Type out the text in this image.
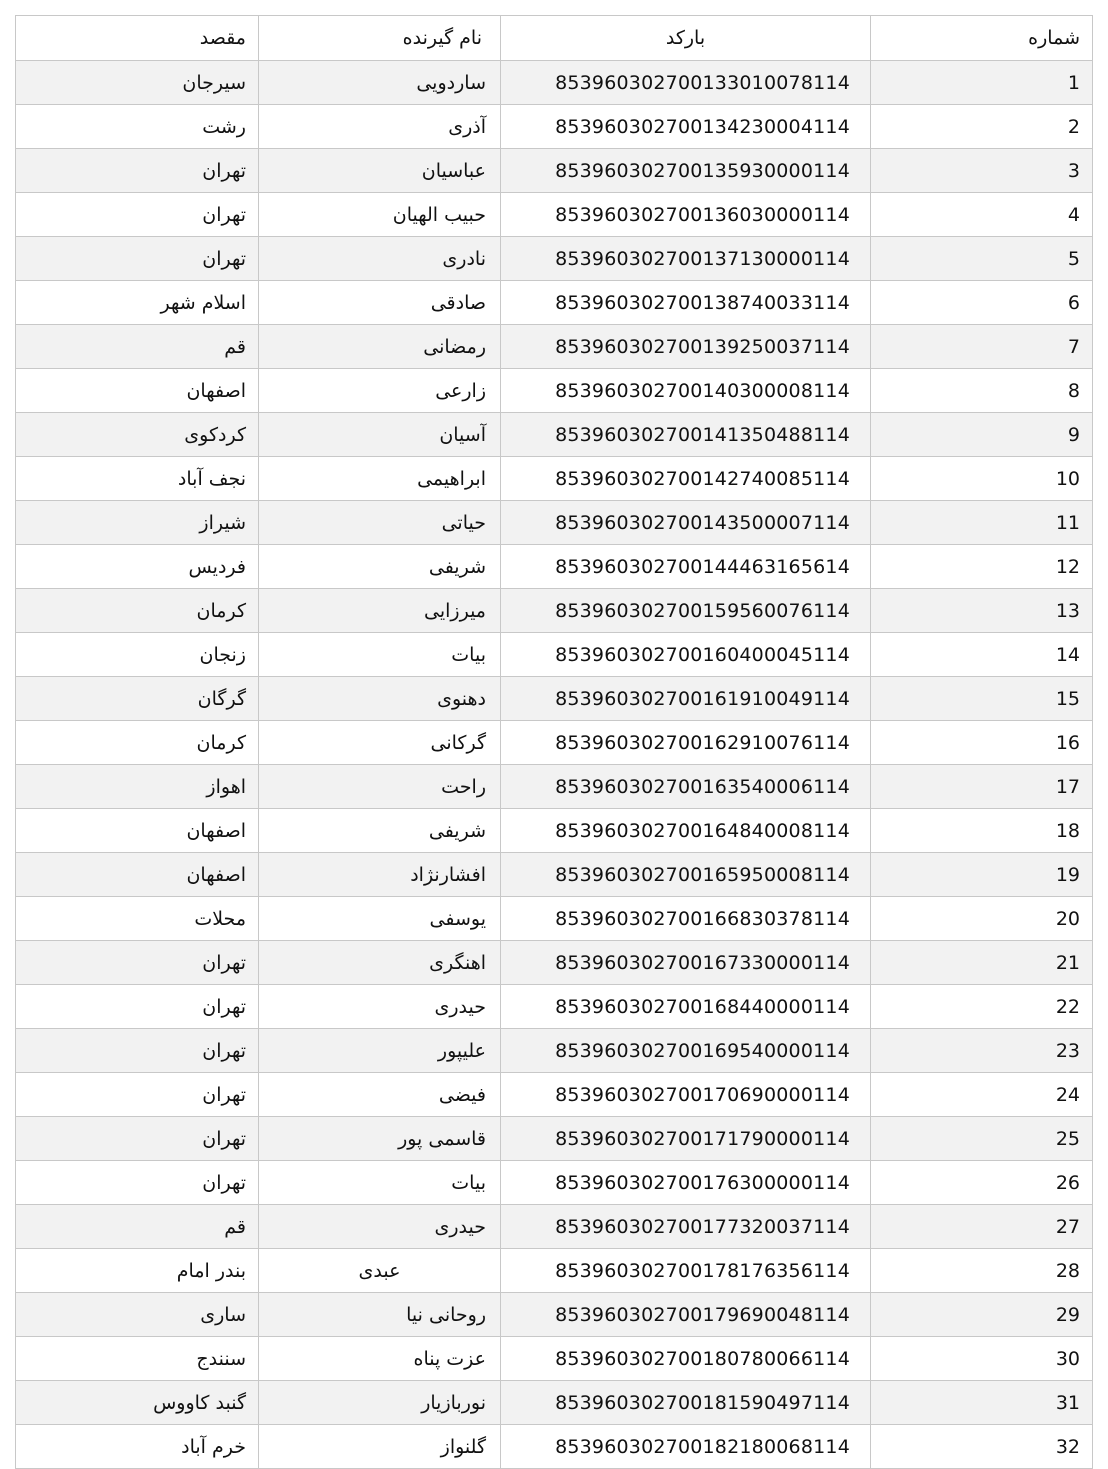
شماره	بارکد	نام گیرنده	مقصد
1	853960302700133010078114	ساردویی	سیرجان
2	853960302700134230004114	آذری	رشت
3	853960302700135930000114	عباسیان	تهران
4	853960302700136030000114	حبیب الهیان	تهران
5	853960302700137130000114	نادری	تهران
6	853960302700138740033114	صادقی	اسلام شهر
7	853960302700139250037114	رمضانی	قم
8	853960302700140300008114	زارعی	اصفهان
9	853960302700141350488114	آسیان	کردکوی
10	853960302700142740085114	ابراهیمی	نجف آباد
11	853960302700143500007114	حیاتی	شیراز
12	853960302700144463165614	شریفی	فردیس
13	853960302700159560076114	میرزایی	کرمان
14	853960302700160400045114	بیات	زنجان
15	853960302700161910049114	دهنوی	گرگان
16	853960302700162910076114	گرکانی	کرمان
17	853960302700163540006114	راحت	اهواز
18	853960302700164840008114	شریفی	اصفهان
19	853960302700165950008114	افشارنژاد	اصفهان
20	853960302700166830378114	یوسفی	محلات
21	853960302700167330000114	اهنگری	تهران
22	853960302700168440000114	حیدری	تهران
23	853960302700169540000114	علیپور	تهران
24	853960302700170690000114	فیضی	تهران
25	853960302700171790000114	قاسمی پور	تهران
26	853960302700176300000114	بیات	تهران
27	853960302700177320037114	حیدری	قم
28	853960302700178176356114	عبدی	بندر امام
29	853960302700179690048114	روحانی نیا	ساری
30	853960302700180780066114	عزت پناه	سنندج
31	853960302700181590497114	نوربازیار	گنبد کاووس
32	853960302700182180068114	گلنواز	خرم آباد
